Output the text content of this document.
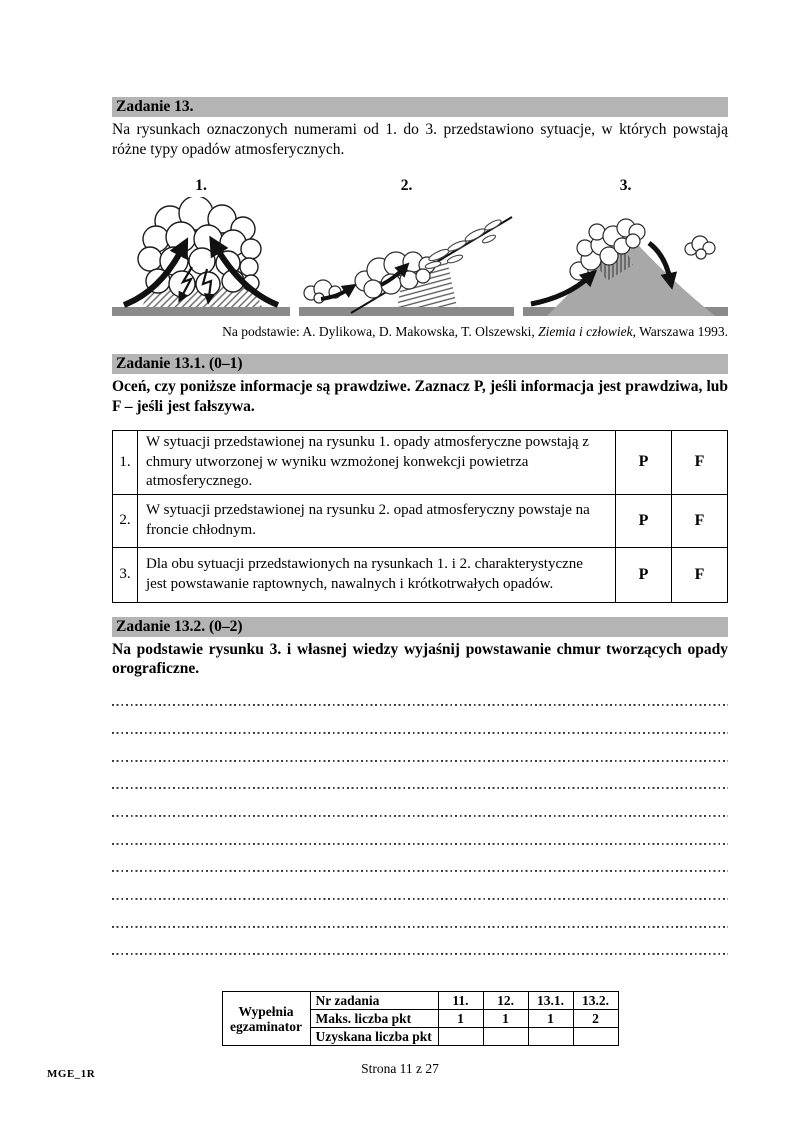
Zadanie 13.

Na rysunkach oznaczonych numerami od 1. do 3. przedstawiono sytuacje, w których powstają różne typy opadów atmosferycznych.

1.	2.	3.
Na podstawie: A. Dylikowa, D. Makowska, T. Olszewski, Ziemia i człowiek, Warszawa 1993.
Zadanie 13.1. (0–1)

Oceń, czy poniższe informacje są prawdziwe. Zaznacz P, jeśli informacja jest prawdziwa, lub F – jeśli jest fałszywa.

1.	W sytuacji przedstawionej na rysunku 1. opady atmosferyczne powstają z chmury utworzonej w wyniku wzmożonej konwekcji powietrza atmosferycznego.	P	F
2.	W sytuacji przedstawionej na rysunku 2. opad atmosferyczny powstaje na froncie chłodnym.	P	F
3.	Dla obu sytuacji przedstawionych na rysunkach 1. i 2. charakterystyczne jest powstawanie raptownych, nawalnych i krótkotrwałych opadów.	P	F
Zadanie 13.2. (0–2)

Na podstawie rysunku 3. i własnej wiedzy wyjaśnij powstawanie chmur tworzących opady orograficzne.

Wypełnia egzaminator	Nr zadania	11.	12.	13.1.	13.2.
	Maks. liczba pkt	1	1	1	2
	Uzyskana liczba pkt				
MGE_1R	Strona 11 z 27
